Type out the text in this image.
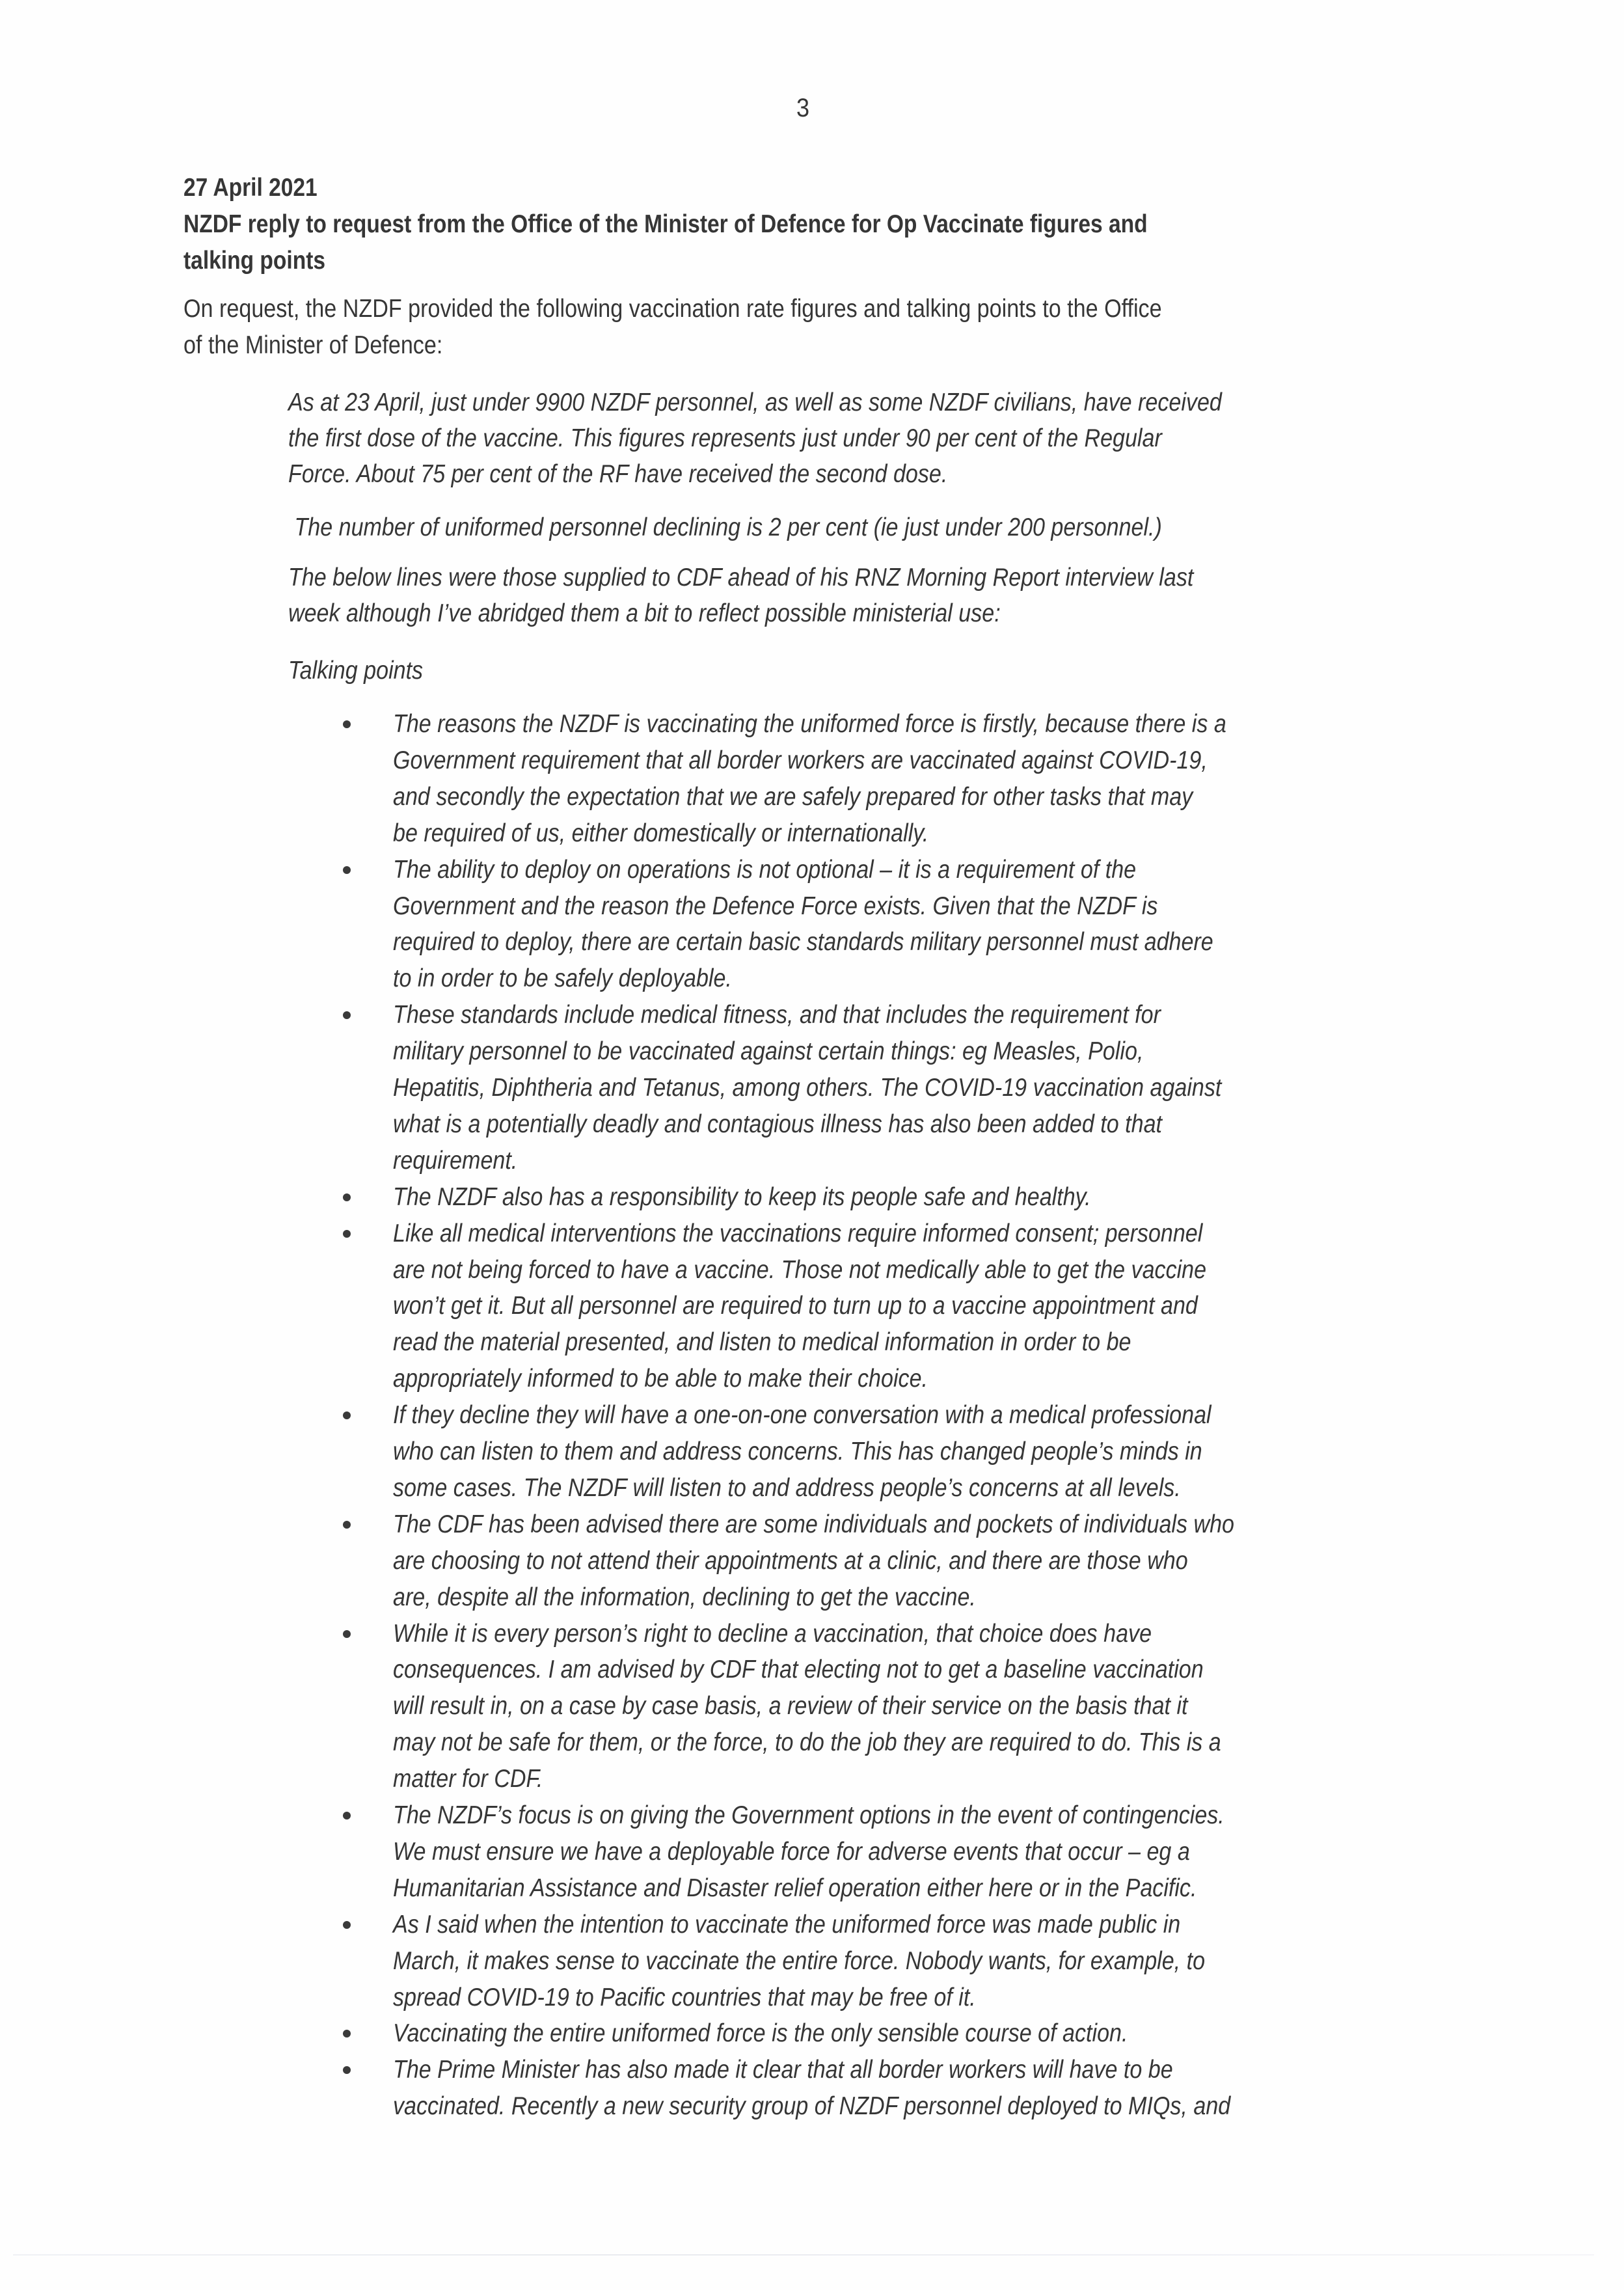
3
27 April 2021
NZDF reply to request from the Office of the Minister of Defence for Op Vaccinate figures and
talking points
On request, the NZDF provided the following vaccination rate figures and talking points to the Office
of the Minister of Defence:
As at 23 April, just under 9900 NZDF personnel, as well as some NZDF civilians, have received
the first dose of the vaccine. This figures represents just under 90 per cent of the Regular
Force. About 75 per cent of the RF have received the second dose.
The number of uniformed personnel declining is 2 per cent (ie just under 200 personnel.)
The below lines were those supplied to CDF ahead of his RNZ Morning Report interview last
week although I’ve abridged them a bit to reflect possible ministerial use:
Talking points
The reasons the NZDF is vaccinating the uniformed force is firstly, because there is a
Government requirement that all border workers are vaccinated against COVID-19,
and secondly the expectation that we are safely prepared for other tasks that may
be required of us, either domestically or internationally.
The ability to deploy on operations is not optional – it is a requirement of the
Government and the reason the Defence Force exists. Given that the NZDF is
required to deploy, there are certain basic standards military personnel must adhere
to in order to be safely deployable.
These standards include medical fitness, and that includes the requirement for
military personnel to be vaccinated against certain things: eg Measles, Polio,
Hepatitis, Diphtheria and Tetanus, among others. The COVID-19 vaccination against
what is a potentially deadly and contagious illness has also been added to that
requirement.
The NZDF also has a responsibility to keep its people safe and healthy.
Like all medical interventions the vaccinations require informed consent; personnel
are not being forced to have a vaccine. Those not medically able to get the vaccine
won’t get it. But all personnel are required to turn up to a vaccine appointment and
read the material presented, and listen to medical information in order to be
appropriately informed to be able to make their choice.
If they decline they will have a one-on-one conversation with a medical professional
who can listen to them and address concerns. This has changed people’s minds in
some cases. The NZDF will listen to and address people’s concerns at all levels.
The CDF has been advised there are some individuals and pockets of individuals who
are choosing to not attend their appointments at a clinic, and there are those who
are, despite all the information, declining to get the vaccine.
While it is every person’s right to decline a vaccination, that choice does have
consequences. I am advised by CDF that electing not to get a baseline vaccination
will result in, on a case by case basis, a review of their service on the basis that it
may not be safe for them, or the force, to do the job they are required to do. This is a
matter for CDF.
The NZDF’s focus is on giving the Government options in the event of contingencies.
We must ensure we have a deployable force for adverse events that occur – eg a
Humanitarian Assistance and Disaster relief operation either here or in the Pacific.
As I said when the intention to vaccinate the uniformed force was made public in
March, it makes sense to vaccinate the entire force. Nobody wants, for example, to
spread COVID-19 to Pacific countries that may be free of it.
Vaccinating the entire uniformed force is the only sensible course of action.
The Prime Minister has also made it clear that all border workers will have to be
vaccinated. Recently a new security group of NZDF personnel deployed to MIQs, and
